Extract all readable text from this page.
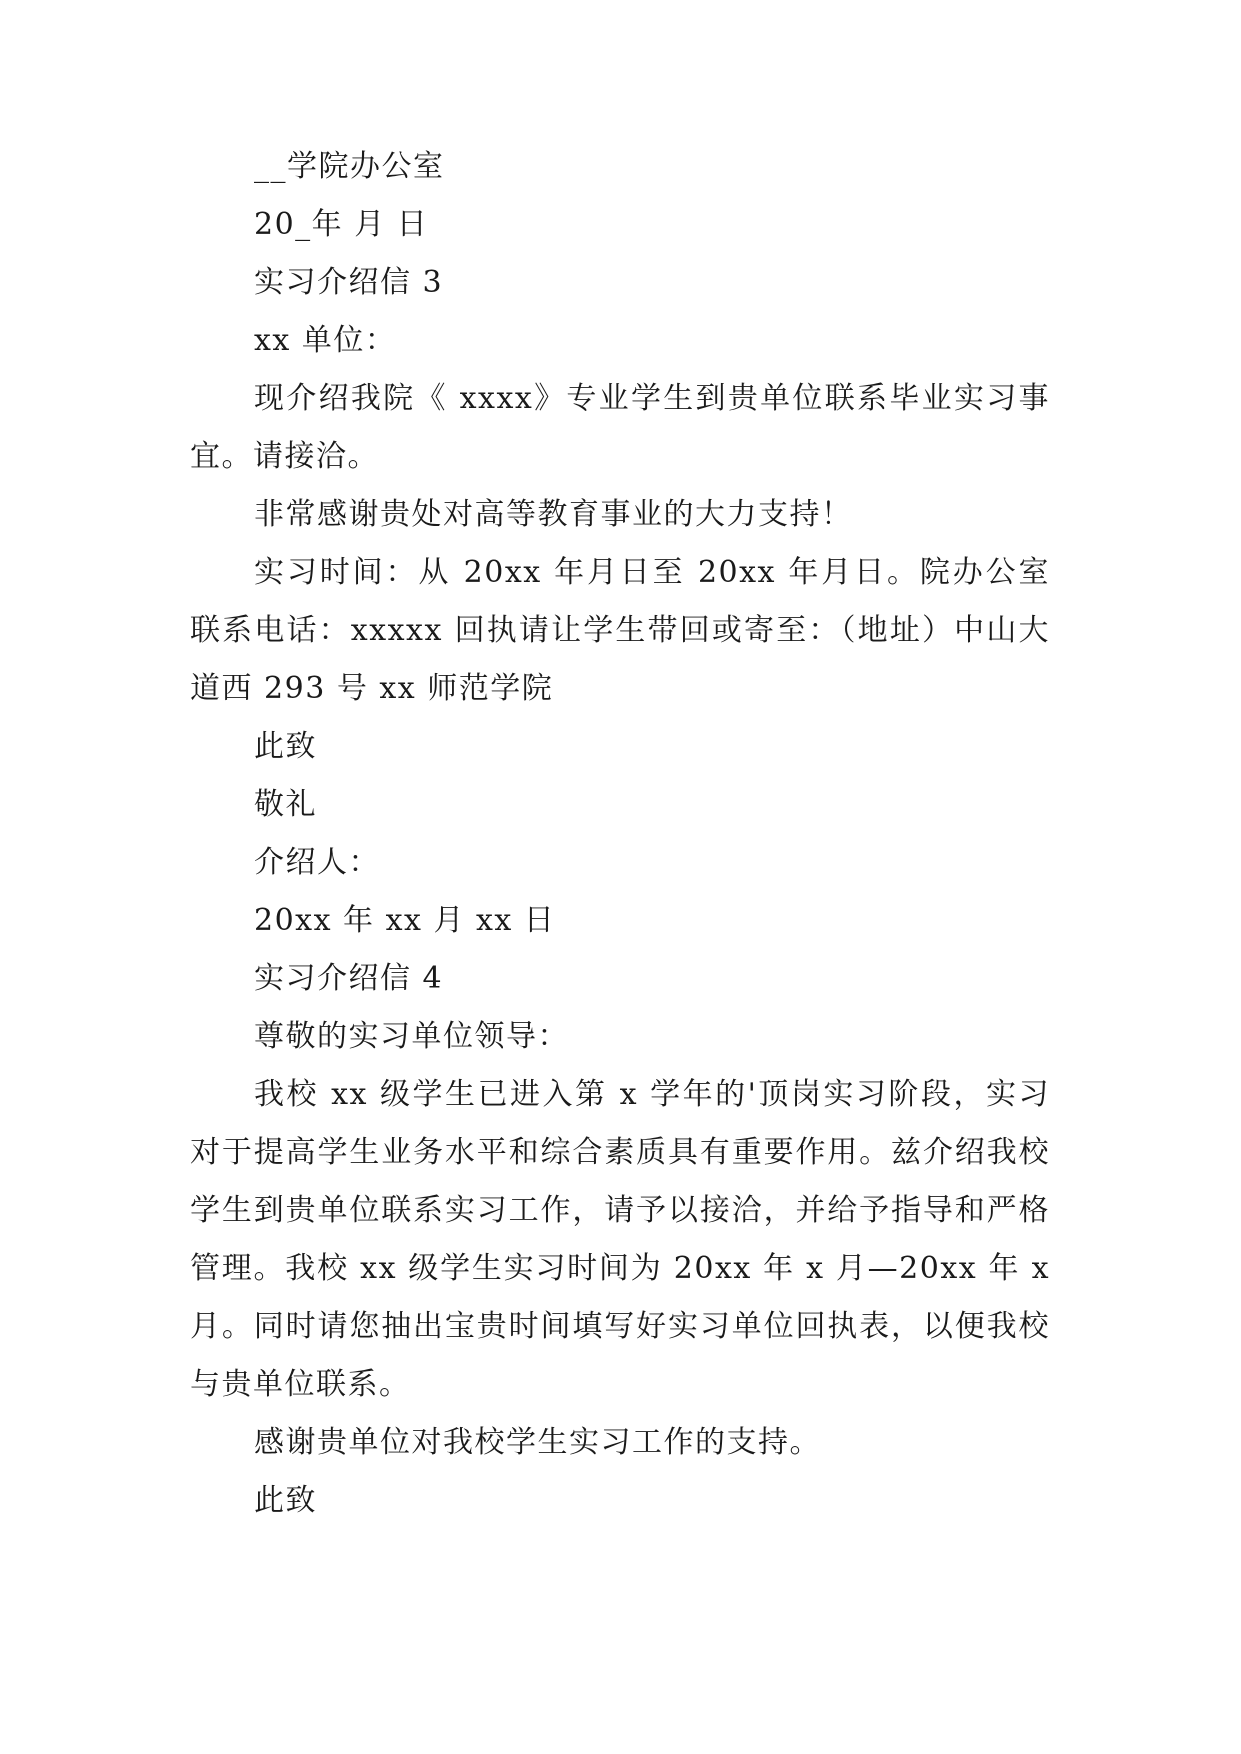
__学院办公室

20_年 月 日

实习介绍信 3

xx 单位：

现介绍我院《 xxxx》专业学生到贵单位联系毕业实习事宜。请接洽。

非常感谢贵处对高等教育事业的大力支持！

实习时间：从 20xx 年月日至 20xx 年月日。院办公室联系电话：xxxxx 回执请让学生带回或寄至：（地址）中山大道西 293 号 xx 师范学院

此致

敬礼

介绍人：

20xx 年 xx 月 xx 日

实习介绍信 4

尊敬的实习单位领导：

我校 xx 级学生已进入第 x 学年的'顶岗实习阶段，实习对于提高学生业务水平和综合素质具有重要作用。兹介绍我校学生到贵单位联系实习工作，请予以接洽，并给予指导和严格管理。我校 xx 级学生实习时间为 20xx 年 x 月—20xx 年 x 月。同时请您抽出宝贵时间填写好实习单位回执表，以便我校与贵单位联系。

感谢贵单位对我校学生实习工作的支持。

此致
